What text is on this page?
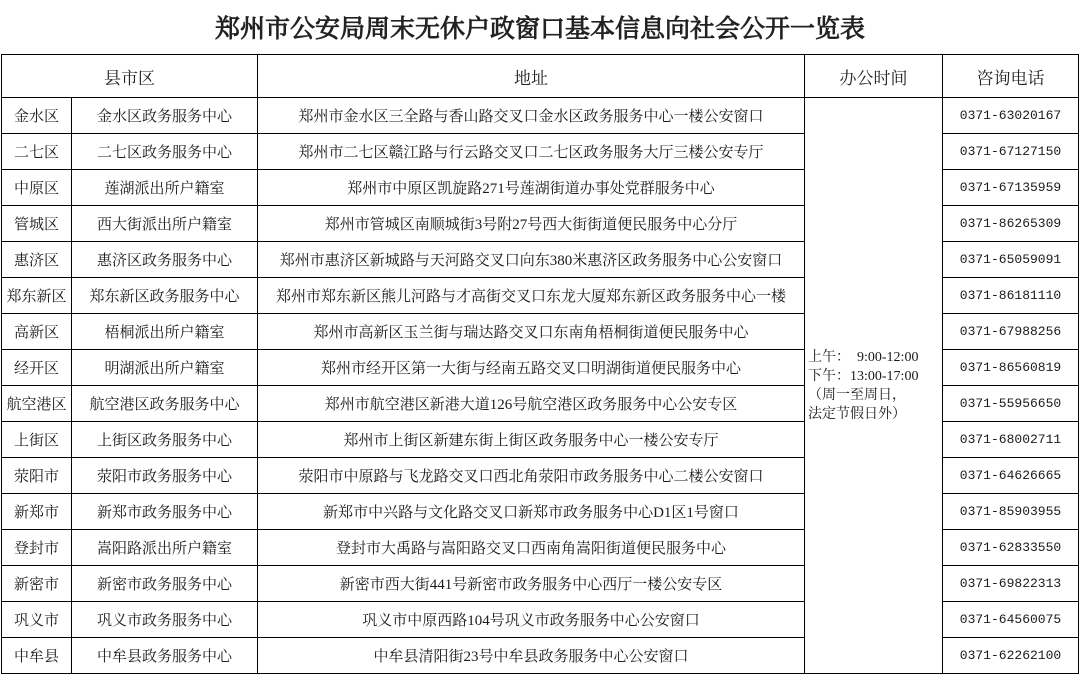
郑州市公安局周末无休户政窗口基本信息向社会公开一览表
县市区		地址	办公时间	咨询电话
金水区	金水区政务服务中心	郑州市金水区三全路与香山路交叉口金水区政务服务中心一楼公安窗口	上午：  9:00-12:00
下午：13:00-17:00
（周一至周日，
法定节假日外）	0371-63020167
二七区	二七区政务服务中心	郑州市二七区赣江路与行云路交叉口二七区政务服务大厅三楼公安专厅		0371-67127150
中原区	莲湖派出所户籍室	郑州市中原区凯旋路271号莲湖街道办事处党群服务中心		0371-67135959
管城区	西大街派出所户籍室	郑州市管城区南顺城街3号附27号西大街街道便民服务中心分厅		0371-86265309
惠济区	惠济区政务服务中心	郑州市惠济区新城路与天河路交叉口向东380米惠济区政务服务中心公安窗口		0371-65059091
郑东新区	郑东新区政务服务中心	郑州市郑东新区熊儿河路与才高街交叉口东龙大厦郑东新区政务服务中心一楼		0371-86181110
高新区	梧桐派出所户籍室	郑州市高新区玉兰街与瑞达路交叉口东南角梧桐街道便民服务中心		0371-67988256
经开区	明湖派出所户籍室	郑州市经开区第一大街与经南五路交叉口明湖街道便民服务中心		0371-86560819
航空港区	航空港区政务服务中心	郑州市航空港区新港大道126号航空港区政务服务中心公安专区		0371-55956650
上街区	上街区政务服务中心	郑州市上街区新建东街上街区政务服务中心一楼公安专厅		0371-68002711
荥阳市	荥阳市政务服务中心	荥阳市中原路与飞龙路交叉口西北角荥阳市政务服务中心二楼公安窗口		0371-64626665
新郑市	新郑市政务服务中心	新郑市中兴路与文化路交叉口新郑市政务服务中心D1区1号窗口		0371-85903955
登封市	嵩阳路派出所户籍室	登封市大禹路与嵩阳路交叉口西南角嵩阳街道便民服务中心		0371-62833550
新密市	新密市政务服务中心	新密市西大街441号新密市政务服务中心西厅一楼公安专区		0371-69822313
巩义市	巩义市政务服务中心	巩义市中原西路104号巩义市政务服务中心公安窗口		0371-64560075
中牟县	中牟县政务服务中心	中牟县清阳街23号中牟县政务服务中心公安窗口		0371-62262100
